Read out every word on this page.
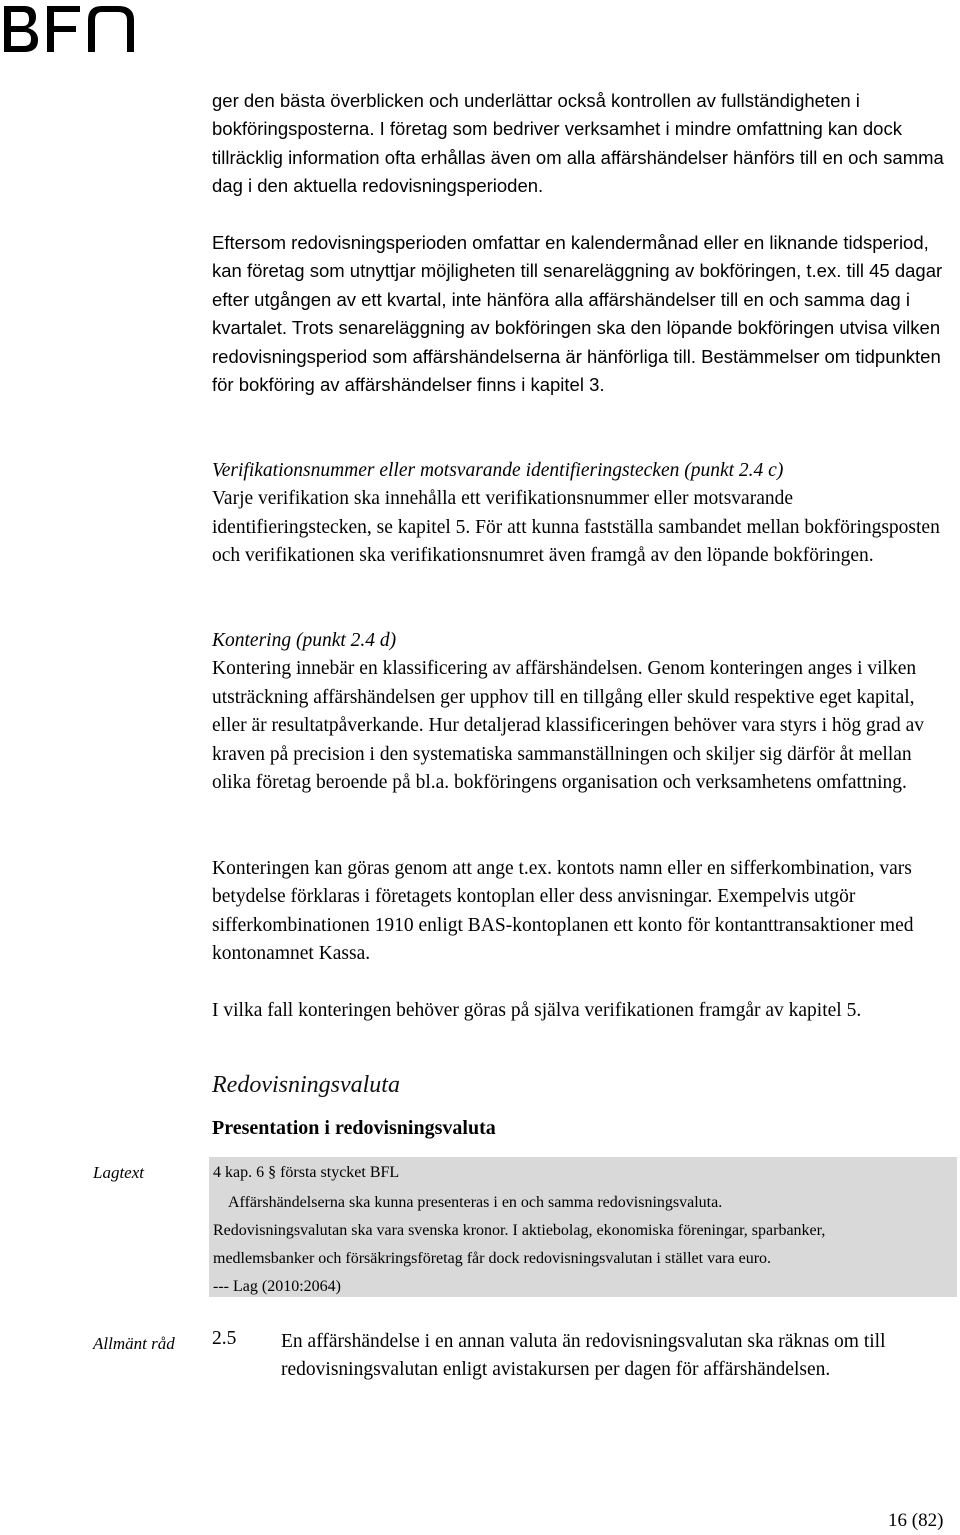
ger den bästa överblicken och underlättar också kontrollen av fullständigheten i bokföringsposterna. I företag som bedriver verksamhet i mindre omfattning kan dock tillräcklig information ofta erhållas även om alla affärshändelser hänförs till en och samma dag i den aktuella redovisningsperioden.

Eftersom redovisningsperioden omfattar en kalendermånad eller en liknande tidsperiod, kan företag som utnyttjar möjligheten till senareläggning av bokföringen, t.ex. till 45 dagar efter utgången av ett kvartal, inte hänföra alla affärshändelser till en och samma dag i kvartalet. Trots senareläggning av bokföringen ska den löpande bokföringen utvisa vilken redovisningsperiod som affärshändelserna är hänförliga till. Bestämmelser om tidpunkten för bokföring av affärshändelser finns i kapitel 3.

Verifikationsnummer eller motsvarande identifieringstecken (punkt 2.4 c)
Varje verifikation ska innehålla ett verifikationsnummer eller motsvarande identifieringstecken, se kapitel 5. För att kunna fastställa sambandet mellan bokföringsposten och verifikationen ska verifikationsnumret även framgå av den löpande bokföringen.
Kontering (punkt 2.4 d)
Kontering innebär en klassificering av affärshändelsen. Genom konteringen anges i vilken utsträckning affärshändelsen ger upphov till en tillgång eller skuld respektive eget kapital, eller är resultatpåverkande. Hur detaljerad klassificeringen behöver vara styrs i hög grad av kraven på precision i den systematiska sammanställningen och skiljer sig därför åt mellan olika företag beroende på bl.a. bokföringens organisation och verksamhetens omfattning.

Konteringen kan göras genom att ange t.ex. kontots namn eller en sifferkombination, vars betydelse förklaras i företagets kontoplan eller dess anvisningar. Exempelvis utgör sifferkombinationen 1910 enligt BAS-kontoplanen ett konto för kontanttransaktioner med kontonamnet Kassa.

I vilka fall konteringen behöver göras på själva verifikationen framgår av kapitel 5.

Redovisningsvaluta
Presentation i redovisningsvaluta
Lagtext	4 kap. 6 § första stycket BFL
Affärshändelserna ska kunna presenteras i en och samma redovisningsvaluta.
Redovisningsvalutan ska vara svenska kronor. I aktiebolag, ekonomiska föreningar, sparbanker,
medlemsbanker och försäkringsföretag får dock redovisningsvalutan i stället vara euro.
--- Lag (2010:2064)
Allmänt råd 2.5 En affärshändelse i en annan valuta än redovisningsvalutan ska räknas om till redovisningsvalutan enligt avistakursen per dagen för affärshändelsen.
16 (82)
